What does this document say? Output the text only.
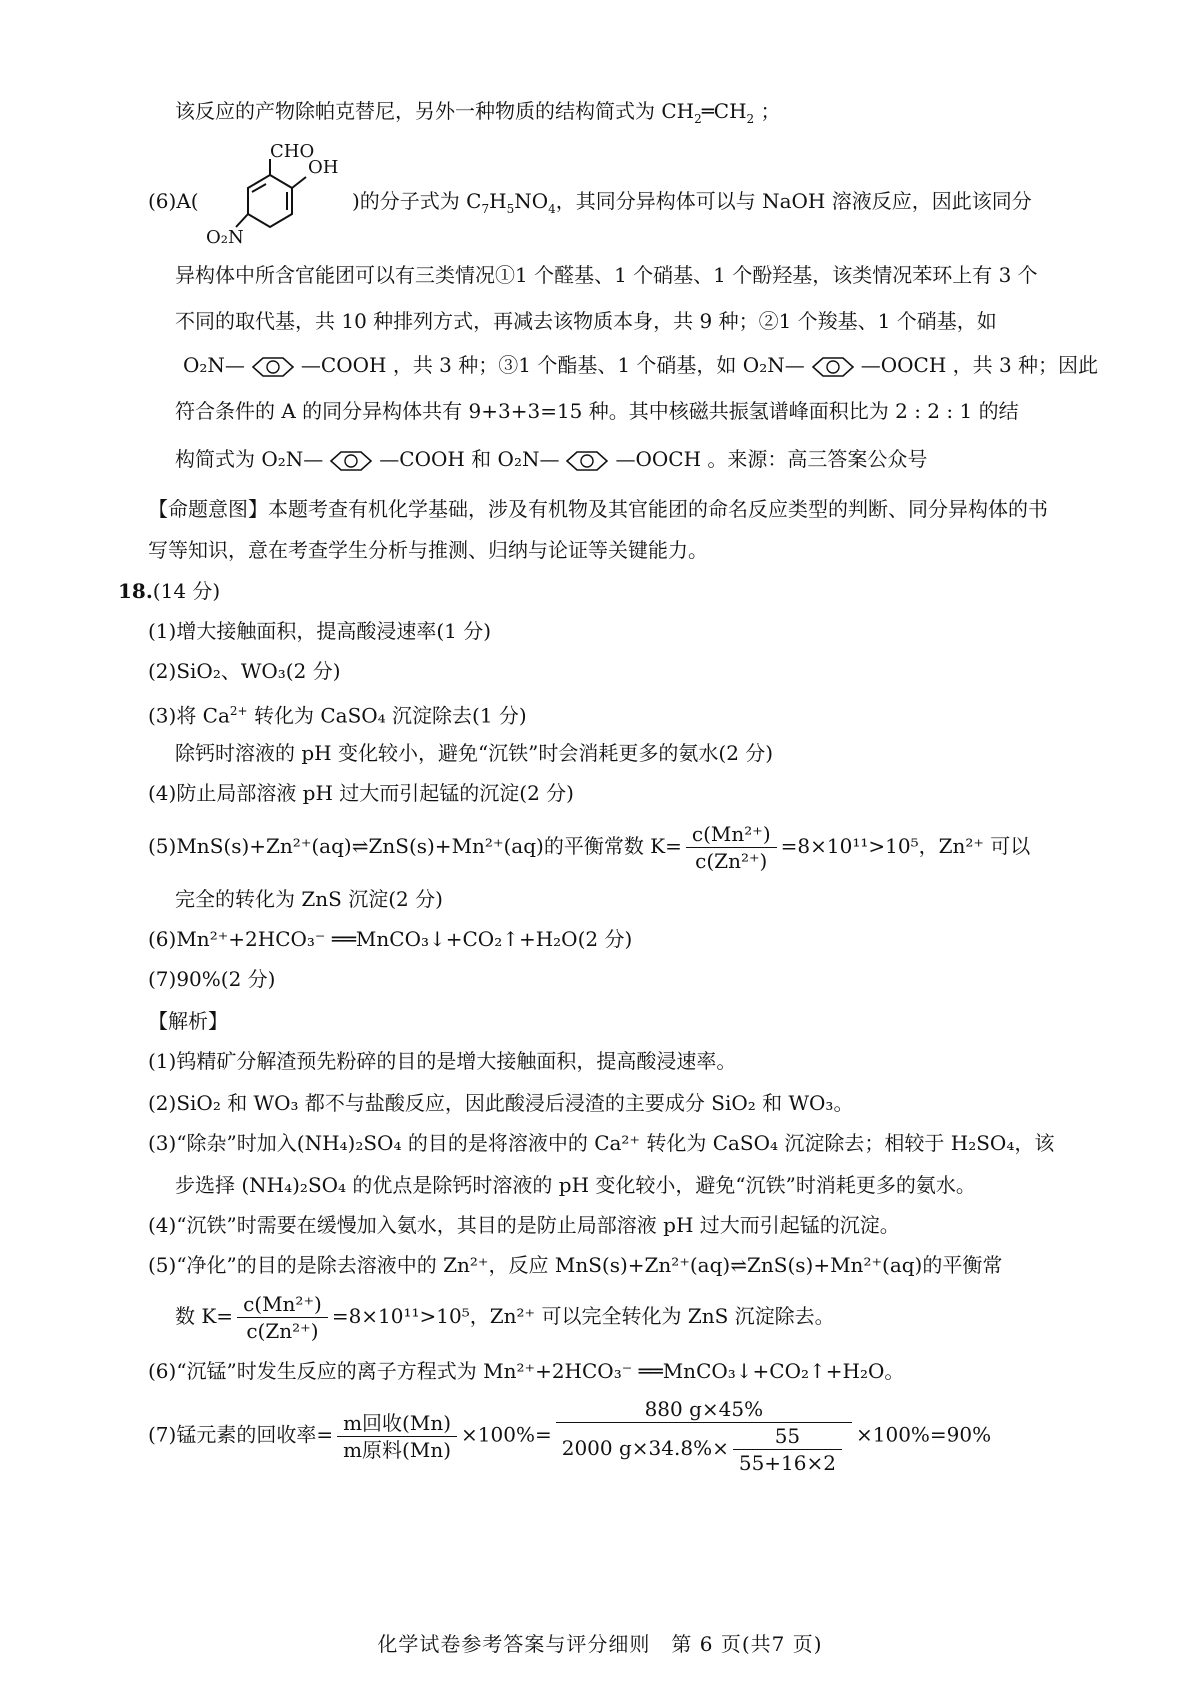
该反应的产物除帕克替尼，另外一种物质的结构简式为 $CH_2═CH_2$ ；
CHO
OH
O₂N
(6)A(	)的分子式为 $C_7H_5NO_4$，其同分异构体可以与 NaOH 溶液反应，因此该同分
异构体中所含官能团可以有三类情况①1 个醛基、1 个硝基、1 个酚羟基，该类情况苯环上有 3 个
不同的取代基，共 10 种排列方式，再减去该物质本身，共 9 种；②1 个羧基、1 个硝基，如
O₂N—	—COOH ，共 3 种；③1 个酯基、1 个硝基，如 O₂N—	—OOCH ，共 3 种；因此
符合条件的 A 的同分异构体共有 9+3+3=15 种。其中核磁共振氢谱峰面积比为 2 : 2 : 1 的结
构简式为 O₂N—	—COOH 和 O₂N—	—OOCH 。来源：高三答案公众号
【命题意图】本题考查有机化学基础，涉及有机物及其官能团的命名反应类型的判断、同分异构体的书
写等知识，意在考查学生分析与推测、归纳与论证等关键能力。
18.(14 分)
(1)增大接触面积，提高酸浸速率(1 分)
(2)SiO₂、WO₃(2 分)
(3)将 $Ca^{2+}$ 转化为 CaSO₄ 沉淀除去(1 分)
除钙时溶液的 pH 变化较小，避免“沉铁”时会消耗更多的氨水(2 分)
(4)防止局部溶液 pH 过大而引起锰的沉淀(2 分)
(5)MnS(s)+Zn²⁺(aq)⇌ZnS(s)+Mn²⁺(aq)的平衡常数 $K= \frac{\text{c(Mn²⁺)}}{\text{c(Zn²⁺)}} =8\times 10^{11}>10^5$，Zn²⁺ 可以
完全的转化为 ZnS 沉淀(2 分)
(6)Mn²⁺+2HCO₃⁻ ══MnCO₃↓+CO₂↑+H₂O(2 分)
(7)90%(2 分)
【解析】
(1)钨精矿分解渣预先粉碎的目的是增大接触面积，提高酸浸速率。
(2)SiO₂ 和 WO₃ 都不与盐酸反应，因此酸浸后浸渣的主要成分 SiO₂ 和 WO₃。
(3)“除杂”时加入(NH₄)₂SO₄ 的目的是将溶液中的 Ca²⁺ 转化为 CaSO₄ 沉淀除去；相较于 H₂SO₄，该
步选择 (NH₄)₂SO₄ 的优点是除钙时溶液的 pH 变化较小，避免“沉铁”时消耗更多的氨水。
(4)“沉铁”时需要在缓慢加入氨水，其目的是防止局部溶液 pH 过大而引起锰的沉淀。
(5)“净化”的目的是除去溶液中的 Zn²⁺，反应 MnS(s)+Zn²⁺(aq)⇌ZnS(s)+Mn²⁺(aq)的平衡常
数 $K= \frac{\text{c(Mn²⁺)}}{\text{c(Zn²⁺)}} =8\times 10^{11}>10^5$，Zn²⁺ 可以完全转化为 ZnS 沉淀除去。
(6)“沉锰”时发生反应的离子方程式为 Mn²⁺+2HCO₃⁻ ══MnCO₃↓+CO₂↑+H₂O。
(7)锰元素的回收率= $\frac{\text{m回收(Mn)}}{\text{m原料(Mn)}} \times 100\%= \frac{880 g\times 45\%}{2000 g\times 34.8\%\times \frac{55}{55+16\times 2}} \times 100\%=90\%$
化学试卷参考答案与评分细则　第 6 页(共7 页)
